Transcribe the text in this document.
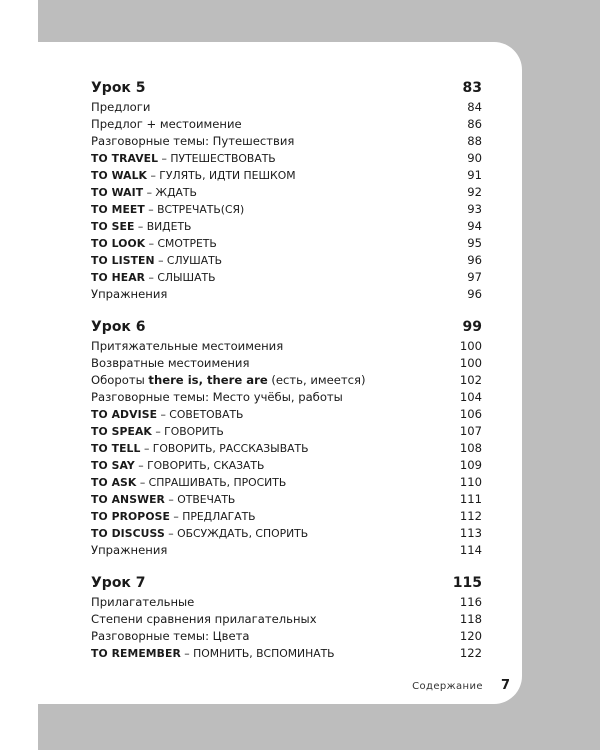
Урок 5	83
Предлоги	84
Предлог + местоимение	86
Разговорные темы: Путешествия	88
TO TRAVEL – ПУТЕШЕСТВОВАТЬ	90
TO WALK – ГУЛЯТЬ, ИДТИ ПЕШКОМ	91
TO WAIT – ЖДАТЬ	92
TO MEET – ВСТРЕЧАТЬ(СЯ)	93
TO SEE – ВИДЕТЬ	94
TO LOOK – СМОТРЕТЬ	95
TO LISTEN – СЛУШАТЬ	96
TO HEAR – СЛЫШАТЬ	97
Упражнения	96
Урок 6	99
Притяжательные местоимения	100
Возвратные местоимения	100
Обороты there is, there are (есть, имеется)	102
Разговорные темы: Место учёбы, работы	104
TO ADVISE – СОВЕТОВАТЬ	106
TO SPEAK – ГОВОРИТЬ	107
TO TELL – ГОВОРИТЬ, РАССКАЗЫВАТЬ	108
TO SAY – ГОВОРИТЬ, СКАЗАТЬ	109
TO ASK – СПРАШИВАТЬ, ПРОСИТЬ	110
TO ANSWER – ОТВЕЧАТЬ	111
TO PROPOSE – ПРЕДЛАГАТЬ	112
TO DISCUSS – ОБСУЖДАТЬ, СПОРИТЬ	113
Упражнения	114
Урок 7	115
Прилагательные	116
Степени сравнения прилагательных	118
Разговорные темы: Цвета	120
TO REMEMBER – ПОМНИТЬ, ВСПОМИНАТЬ	122
Содержание 7
